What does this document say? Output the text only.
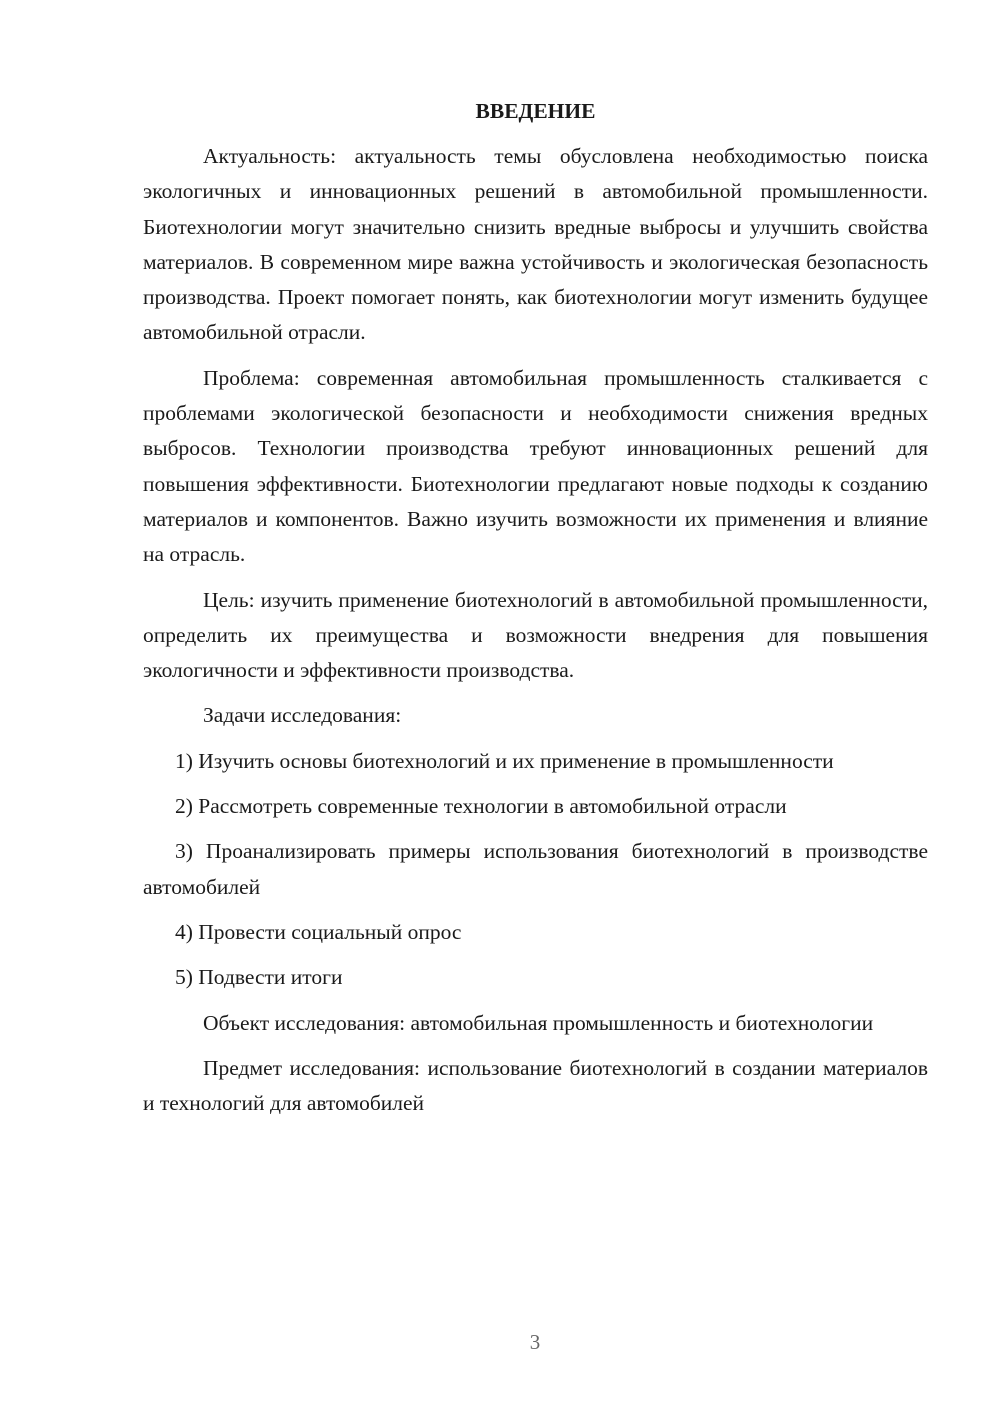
ВВЕДЕНИЕ

Актуальность: актуальность темы обусловлена необходимостью поиска экологичных и инновационных решений в автомобильной промышленности. Биотехнологии могут значительно снизить вредные выбросы и улучшить свойства материалов. В современном мире важна устойчивость и экологическая безопасность производства. Проект помогает понять, как биотехнологии могут изменить будущее автомобильной отрасли.

Проблема: современная автомобильная промышленность сталкивается с проблемами экологической безопасности и необходимости снижения вредных выбросов. Технологии производства требуют инновационных решений для повышения эффективности. Биотехнологии предлагают новые подходы к созданию материалов и компонентов. Важно изучить возможности их применения и влияние на отрасль.

Цель: изучить применение биотехнологий в автомобильной промышленности, определить их преимущества и возможности внедрения для повышения экологичности и эффективности производства.

Задачи исследования:

1) Изучить основы биотехнологий и их применение в промышленности

2) Рассмотреть современные технологии в автомобильной отрасли

3) Проанализировать примеры использования биотехнологий в производстве автомобилей

4) Провести социальный опрос

5) Подвести итоги

Объект исследования: автомобильная промышленность и биотехнологии

Предмет исследования: использование биотехнологий в создании материалов и технологий для автомобилей

3
